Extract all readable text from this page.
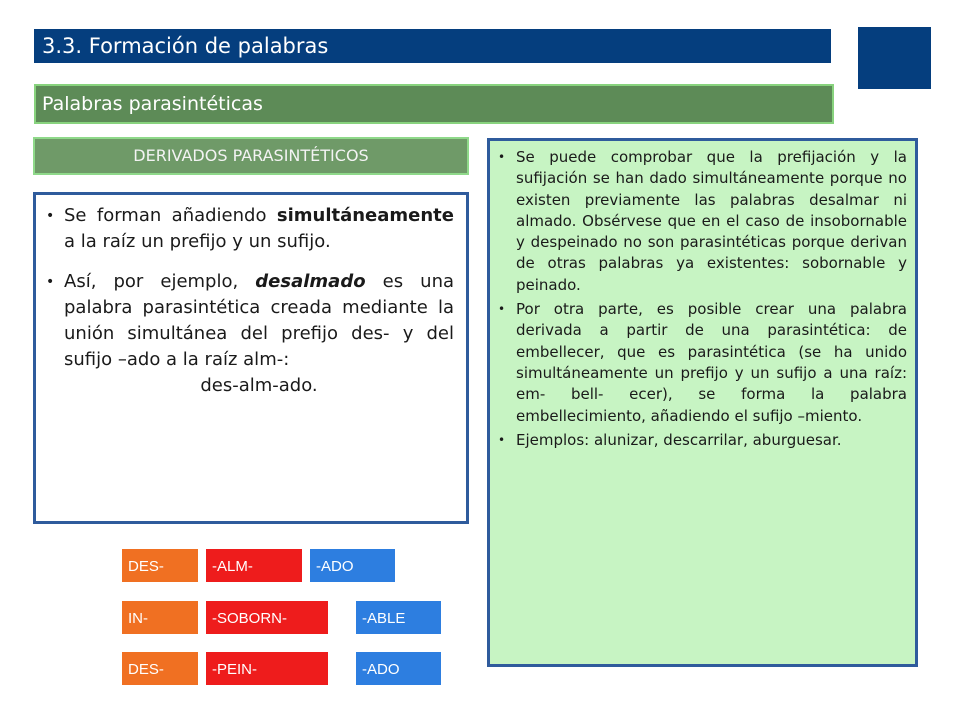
3.3. Formación de palabras
Palabras parasintéticas
DERIVADOS PARASINTÉTICOS
• Se forman añadiendo simultáneamente a la raíz un prefijo y un sufijo.
• Así, por ejemplo, desalmado es una palabra parasintética creada mediante la unión simultánea del prefijo des- y del sufijo –ado a la raíz alm-:
des-alm-ado.
• Se puede comprobar que la prefijación y la sufijación se han dado simultáneamente porque no existen previamente las palabras desalmar ni almado. Obsérvese que en el caso de insobornable y despeinado no son parasintéticas porque derivan de otras palabras ya existentes: sobornable y peinado.
• Por otra parte, es posible crear una palabra derivada a partir de una parasintética: de embellecer, que es parasintética (se ha unido simultáneamente un prefijo y un sufijo a una raíz: em- bell- ecer), se forma la palabra embellecimiento, añadiendo el sufijo –miento.
• Ejemplos: alunizar, descarrilar, aburguesar.
DES-	-ALM-	-ADO
IN-	-SOBORN-	-ABLE
DES-	-PEIN-	-ADO
